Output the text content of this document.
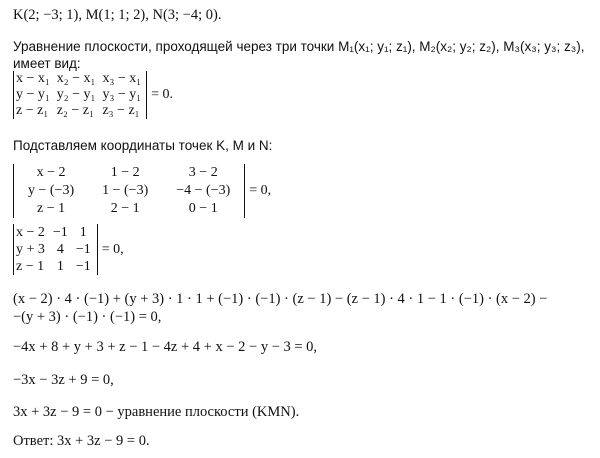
K(2; −3; 1), M(1; 1; 2), N(3; −4; 0).
Уравнение плоскости, проходящей через три точки M₁(x₁; y₁; z₁), M₂(x₂; y₂; z₂), M₃(x₃; y₃; z₃),
имеет вид:
x − x₁	x₂ − x₁	x₃ − x₁
y − y₁	y₂ − y₁	y₃ − y₁
z − z₁	z₂ − z₁	z₃ − z₁
= 0.
Подставляем координаты точек K, M и N:
x − 2	1 − 2	3 − 2
y − (−3)	1 − (−3)	−4 − (−3)
z − 1	2 − 1	0 − 1
= 0,
x − 2	−1	1
y + 3	4	−1
z − 1	1	−1
= 0,
(x − 2) · 4 · (−1) + (y + 3) · 1 · 1 + (−1) · (−1) · (z − 1) − (z − 1) · 4 · 1 − 1 · (−1) · (x − 2) −
−(y + 3) · (−1) · (−1) = 0,
−4x + 8 + y + 3 + z − 1 − 4z + 4 + x − 2 − y − 3 = 0,
−3x − 3z + 9 = 0,
3x + 3z − 9 = 0 − уравнение плоскости (KMN).
Ответ: 3x + 3z − 9 = 0.
